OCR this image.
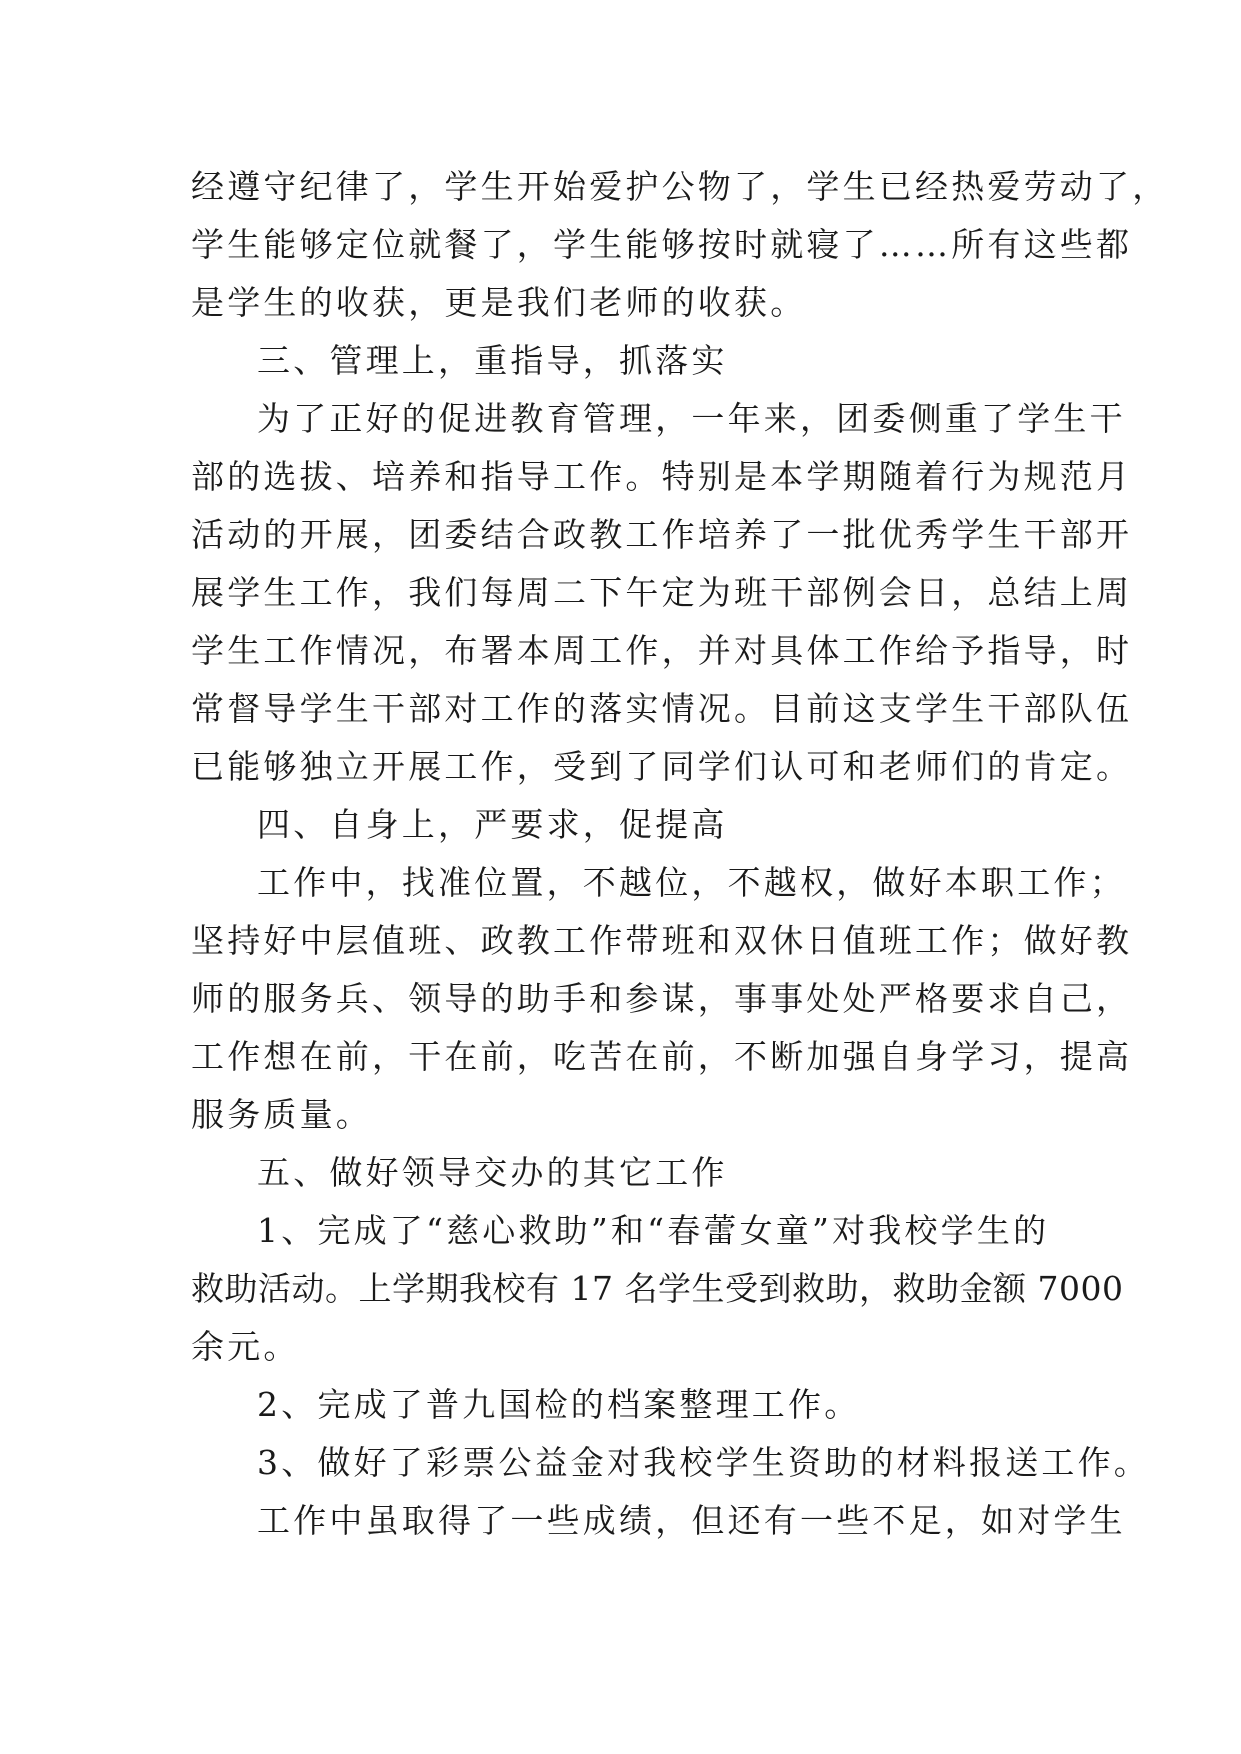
经遵守纪律了，学生开始爱护公物了，学生已经热爱劳动了，
学生能够定位就餐了，学生能够按时就寝了……所有这些都
是学生的收获，更是我们老师的收获。
三、管理上，重指导，抓落实
为了正好的促进教育管理，一年来，团委侧重了学生干
部的选拔、培养和指导工作。特别是本学期随着行为规范月
活动的开展，团委结合政教工作培养了一批优秀学生干部开
展学生工作，我们每周二下午定为班干部例会日，总结上周
学生工作情况，布署本周工作，并对具体工作给予指导，时
常督导学生干部对工作的落实情况。目前这支学生干部队伍
已能够独立开展工作，受到了同学们认可和老师们的肯定。
四、自身上，严要求，促提高
工作中，找准位置，不越位，不越权，做好本职工作；
坚持好中层值班、政教工作带班和双休日值班工作；做好教
师的服务兵、领导的助手和参谋，事事处处严格要求自己，
工作想在前，干在前，吃苦在前，不断加强自身学习，提高
服务质量。
五、做好领导交办的其它工作
1、完成了“慈心救助”和“春蕾女童”对我校学生的
救助活动。上学期我校有 17 名学生受到救助，救助金额 7000
余元。
2、完成了普九国检的档案整理工作。
3、做好了彩票公益金对我校学生资助的材料报送工作。
工作中虽取得了一些成绩，但还有一些不足，如对学生
